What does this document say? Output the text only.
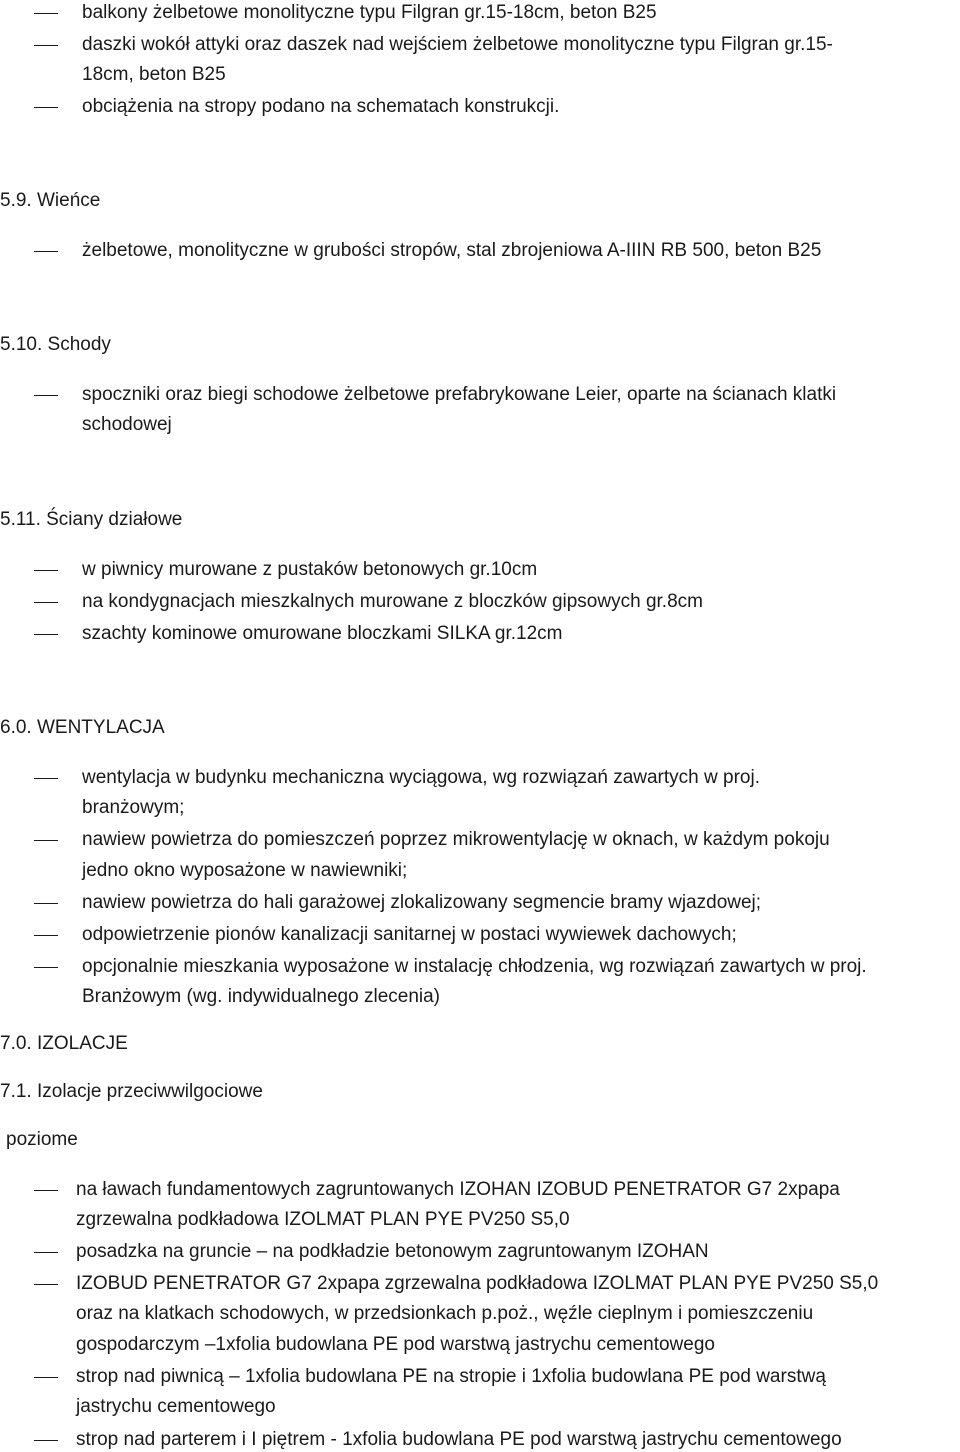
balkony żelbetowe monolityczne typu Filgran gr.15-18cm, beton B25
daszki wokół attyki oraz daszek nad wejściem żelbetowe monolityczne typu Filgran gr.15-
18cm, beton B25
obciążenia na stropy podano na schematach konstrukcji.
5.9. Wieńce
żelbetowe, monolityczne w grubości stropów, stal zbrojeniowa A-IIIN RB 500, beton B25
5.10. Schody
spoczniki oraz biegi schodowe żelbetowe prefabrykowane Leier, oparte na ścianach klatki
schodowej
5.11. Ściany działowe
w piwnicy murowane z pustaków betonowych gr.10cm
na kondygnacjach mieszkalnych murowane z bloczków gipsowych gr.8cm
szachty kominowe omurowane bloczkami SILKA gr.12cm
6.0. WENTYLACJA
wentylacja w budynku mechaniczna wyciągowa, wg rozwiązań zawartych w proj.
branżowym;
nawiew powietrza do pomieszczeń poprzez mikrowentylację w oknach, w każdym pokoju
jedno okno wyposażone w nawiewniki;
nawiew powietrza do hali garażowej zlokalizowany segmencie bramy wjazdowej;
odpowietrzenie pionów kanalizacji sanitarnej w postaci wywiewek dachowych;
opcjonalnie mieszkania wyposażone w instalację chłodzenia, wg rozwiązań zawartych w proj.
Branżowym (wg. indywidualnego zlecenia)
7.0. IZOLACJE
7.1. Izolacje przeciwwilgociowe
poziome
na ławach fundamentowych zagruntowanych IZOHAN IZOBUD PENETRATOR G7 2xpapa
zgrzewalna podkładowa IZOLMAT PLAN PYE PV250 S5,0
posadzka na gruncie – na podkładzie betonowym zagruntowanym IZOHAN
IZOBUD PENETRATOR G7 2xpapa zgrzewalna podkładowa IZOLMAT PLAN PYE PV250 S5,0
oraz na klatkach schodowych, w przedsionkach p.poż., węźle cieplnym i pomieszczeniu
gospodarczym –1xfolia budowlana PE pod warstwą jastrychu cementowego
strop nad piwnicą – 1xfolia budowlana PE na stropie i 1xfolia budowlana PE pod warstwą
jastrychu cementowego
strop nad parterem i I piętrem - 1xfolia budowlana PE pod warstwą jastrychu cementowego
